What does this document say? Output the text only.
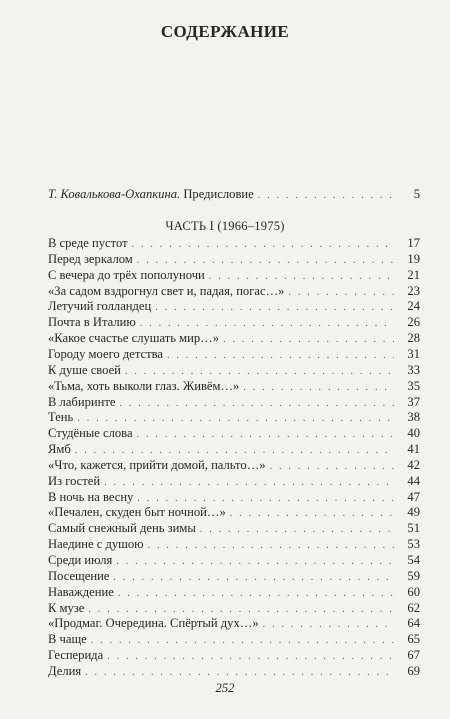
СОДЕРЖАНИЕ
Т. Ковалькова-Охапкина. Предисловие . . .	5
ЧАСТЬ I (1966–1975)
В среде пустот . . .	17
Перед зеркалом . . .	19
С вечера до трёх пополуночи . . .	21
«За садом вздрогнул свет и, падая, погас…» . . .	23
Летучий голландец . . .	24
Почта в Италию . . .	26
«Какое счастье слушать мир…» . . .	28
Городу моего детства . . .	31
К душе своей . . .	33
«Тьма, хоть выколи глаз. Живём…» . . .	35
В лабиринте . . .	37
Тень . . .	38
Студёные слова . . .	40
Ямб . . .	41
«Что, кажется, прийти домой, пальто…» . . .	42
Из гостей . . .	44
В ночь на весну . . .	47
«Печален, скуден быт ночной…» . . .	49
Самый снежный день зимы . . .	51
Наедине с душою . . .	53
Среди июля . . .	54
Посещение . . .	59
Наваждение . . .	60
К музе . . .	62
«Продмаг. Очередина. Спёртый дух…» . . .	64
В чаще . . .	65
Гесперида . . .	67
Делия . . .	69
252
